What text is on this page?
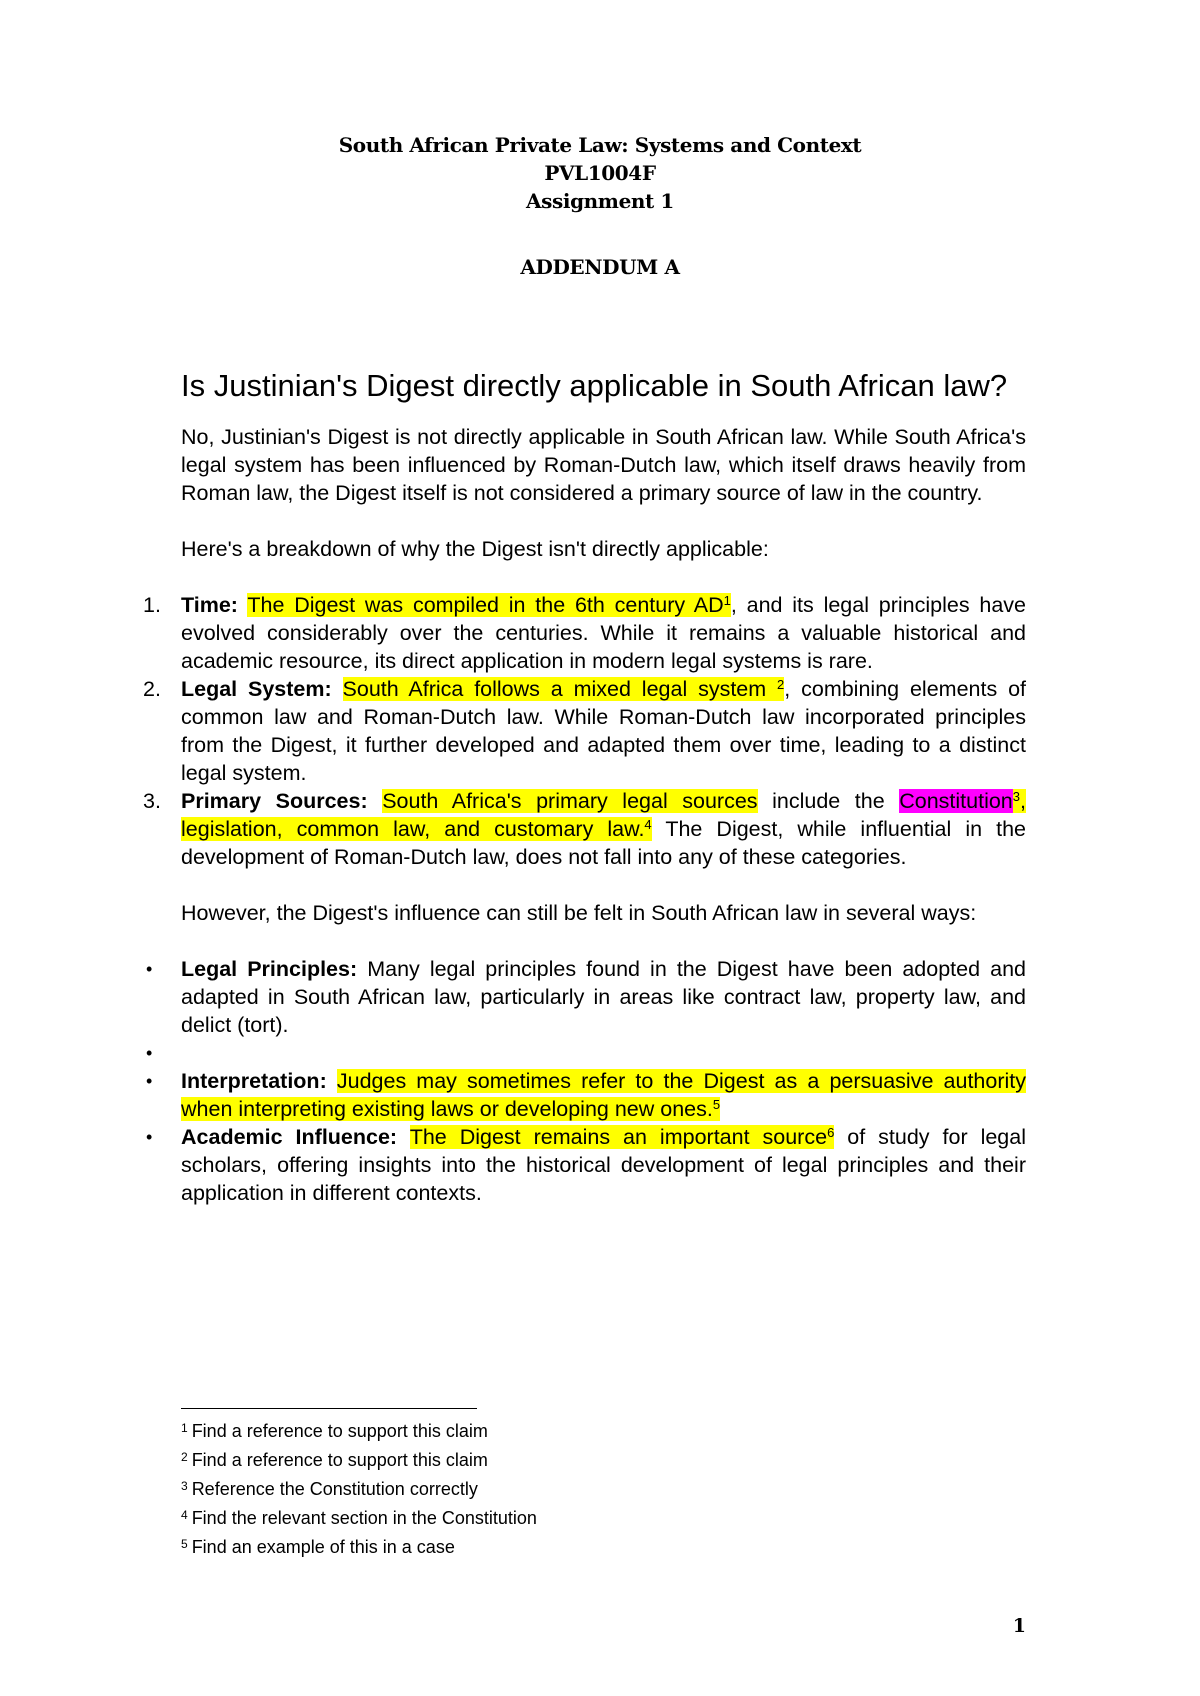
South African Private Law: Systems and Context
PVL1004F
Assignment 1
ADDENDUM A
Is Justinian's Digest directly applicable in South African law?

No, Justinian's Digest is not directly applicable in South African law. While South Africa's legal system has been influenced by Roman-Dutch law, which itself draws heavily from Roman law, the Digest itself is not considered a primary source of law in the country.

Here's a breakdown of why the Digest isn't directly applicable:

1. Time: The Digest was compiled in the 6th century $AD^1$, and its legal principles have evolved considerably over the centuries. While it remains a valuable historical and academic resource, its direct application in modern legal systems is rare.
2. Legal System: South Africa follows a mixed legal system $^2$, combining elements of common law and Roman-Dutch law. While Roman-Dutch law incorporated principles from the Digest, it further developed and adapted them over time, leading to a distinct legal system.
3. Primary Sources: South Africa's primary legal sources include the Constitution$^3$, legislation, common law, and customary law.$^4$ The Digest, while influential in the development of Roman-Dutch law, does not fall into any of these categories.

However, the Digest's influence can still be felt in South African law in several ways:

• Legal Principles: Many legal principles found in the Digest have been adopted and adapted in South African law, particularly in areas like contract law, property law, and delict (tort).
•
• Interpretation: Judges may sometimes refer to the Digest as a persuasive authority when interpreting existing laws or developing new ones.$^5$
• Academic Influence: The Digest remains an important source$^6$ of study for legal scholars, offering insights into the historical development of legal principles and their application in different contexts.
$^1$ Find a reference to support this claim
$^2$ Find a reference to support this claim
$^3$ Reference the Constitution correctly
$^4$ Find the relevant section in the Constitution
$^5$ Find an example of this in a case
1
